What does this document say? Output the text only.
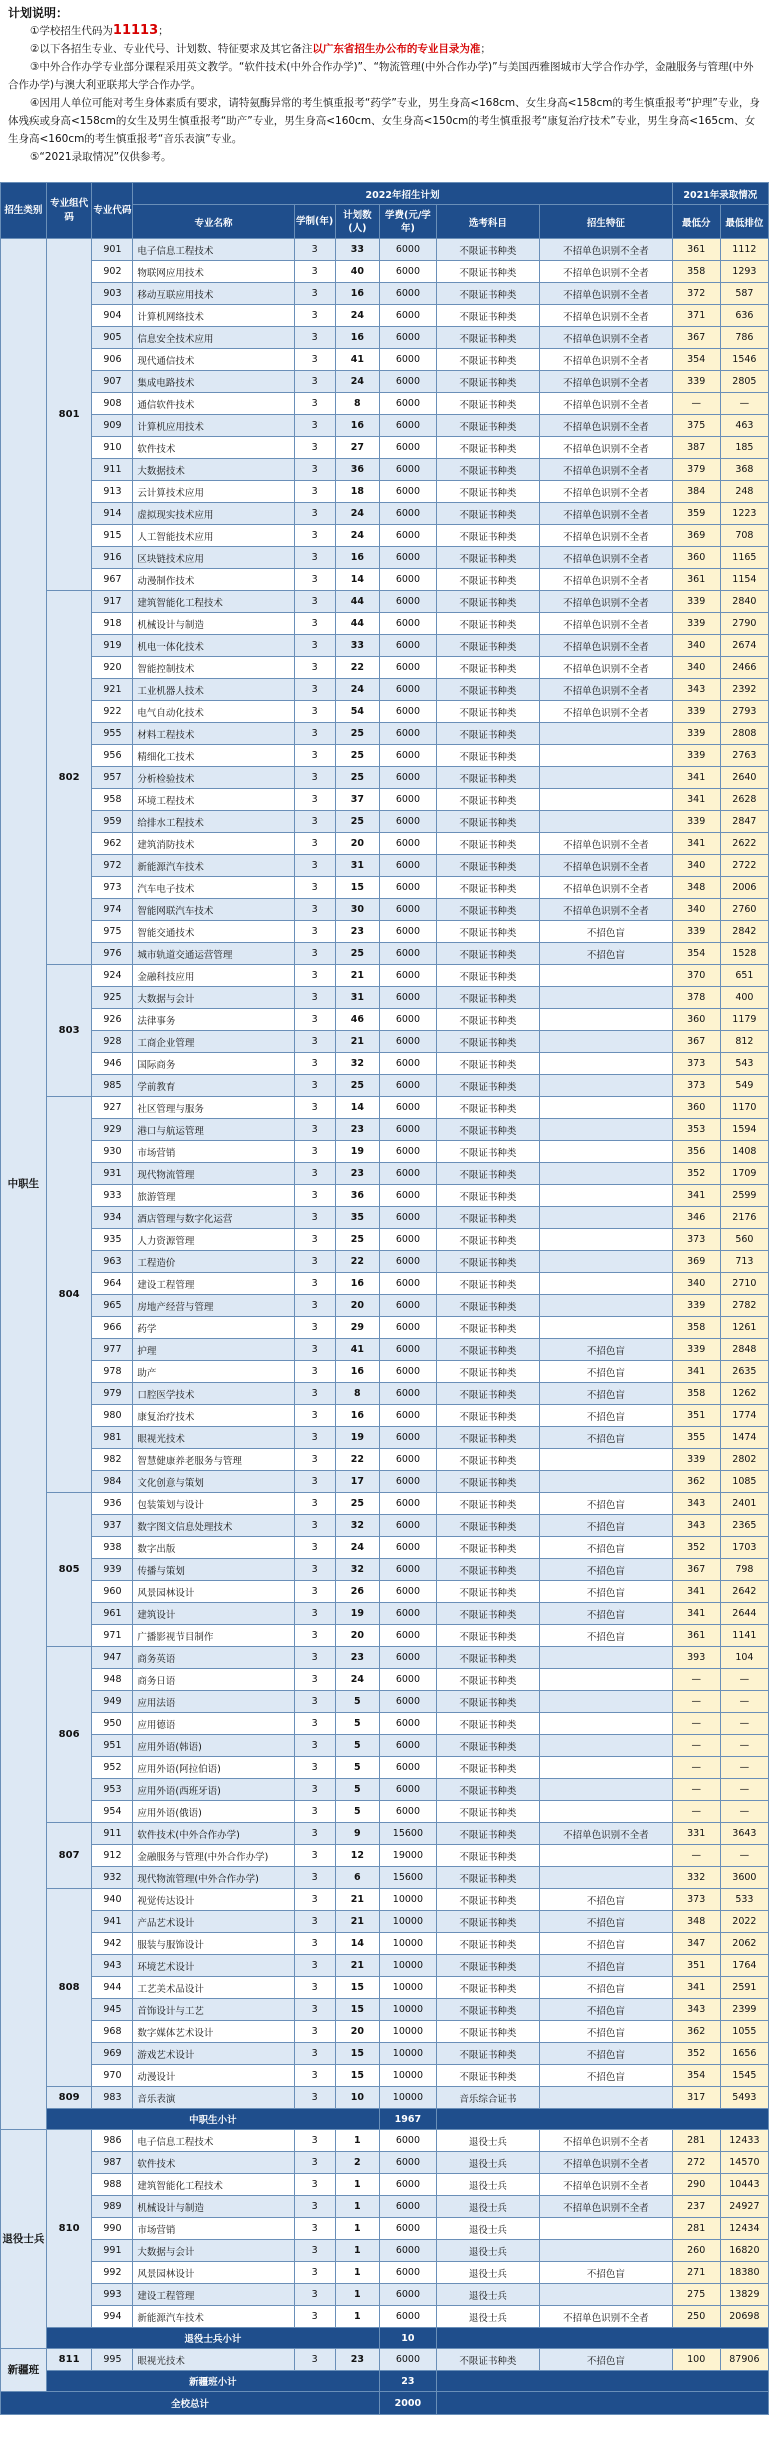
计划说明：

①学校招生代码为11113；

②以下各招生专业、专业代号、计划数、特征要求及其它备注以广东省招生办公布的专业目录为准；

③中外合作办学专业部分课程采用英文教学。“软件技术(中外合作办学)”、“物流管理(中外合作办学)”与美国西雅图城市大学合作办学，金融服务与管理(中外合作办学)与澳大利亚联邦大学合作办学。

④因用人单位可能对考生身体素质有要求，请特氨酶异常的考生慎重报考“药学”专业，男生身高<168cm、女生身高<158cm的考生慎重报考“护理”专业，身体残疾或身高<158cm的女生及男生慎重报考“助产”专业，男生身高<160cm、女生身高<150cm的考生慎重报考“康复治疗技术”专业，男生身高<165cm、女生身高<160cm的考生慎重报考“音乐表演”专业。

⑤“2021录取情况”仅供参考。

招生类别	专业组代码	专业代码	2022年招生计划						2021年录取情况	
			专业名称	学制(年)	计划数(人)	学费(元/学年)	选考科目	招生特征	最低分	最低排位
中职生	801	901	电子信息工程技术	3	33	6000	不限证书种类	不招单色识别不全者	361	1112
		902	物联网应用技术	3	40	6000	不限证书种类	不招单色识别不全者	358	1293
		903	移动互联应用技术	3	16	6000	不限证书种类	不招单色识别不全者	372	587
		904	计算机网络技术	3	24	6000	不限证书种类	不招单色识别不全者	371	636
		905	信息安全技术应用	3	16	6000	不限证书种类	不招单色识别不全者	367	786
		906	现代通信技术	3	41	6000	不限证书种类	不招单色识别不全者	354	1546
		907	集成电路技术	3	24	6000	不限证书种类	不招单色识别不全者	339	2805
		908	通信软件技术	3	8	6000	不限证书种类	不招单色识别不全者	—	—
		909	计算机应用技术	3	16	6000	不限证书种类	不招单色识别不全者	375	463
		910	软件技术	3	27	6000	不限证书种类	不招单色识别不全者	387	185
		911	大数据技术	3	36	6000	不限证书种类	不招单色识别不全者	379	368
		913	云计算技术应用	3	18	6000	不限证书种类	不招单色识别不全者	384	248
		914	虚拟现实技术应用	3	24	6000	不限证书种类	不招单色识别不全者	359	1223
		915	人工智能技术应用	3	24	6000	不限证书种类	不招单色识别不全者	369	708
		916	区块链技术应用	3	16	6000	不限证书种类	不招单色识别不全者	360	1165
		967	动漫制作技术	3	14	6000	不限证书种类	不招单色识别不全者	361	1154
	802	917	建筑智能化工程技术	3	44	6000	不限证书种类	不招单色识别不全者	339	2840
		918	机械设计与制造	3	44	6000	不限证书种类	不招单色识别不全者	339	2790
		919	机电一体化技术	3	33	6000	不限证书种类	不招单色识别不全者	340	2674
		920	智能控制技术	3	22	6000	不限证书种类	不招单色识别不全者	340	2466
		921	工业机器人技术	3	24	6000	不限证书种类	不招单色识别不全者	343	2392
		922	电气自动化技术	3	54	6000	不限证书种类	不招单色识别不全者	339	2793
		955	材料工程技术	3	25	6000	不限证书种类		339	2808
		956	精细化工技术	3	25	6000	不限证书种类		339	2763
		957	分析检验技术	3	25	6000	不限证书种类		341	2640
		958	环境工程技术	3	37	6000	不限证书种类		341	2628
		959	给排水工程技术	3	25	6000	不限证书种类		339	2847
		962	建筑消防技术	3	20	6000	不限证书种类	不招单色识别不全者	341	2622
		972	新能源汽车技术	3	31	6000	不限证书种类	不招单色识别不全者	340	2722
		973	汽车电子技术	3	15	6000	不限证书种类	不招单色识别不全者	348	2006
		974	智能网联汽车技术	3	30	6000	不限证书种类	不招单色识别不全者	340	2760
		975	智能交通技术	3	23	6000	不限证书种类	不招色盲	339	2842
		976	城市轨道交通运营管理	3	25	6000	不限证书种类	不招色盲	354	1528
	803	924	金融科技应用	3	21	6000	不限证书种类		370	651
		925	大数据与会计	3	31	6000	不限证书种类		378	400
		926	法律事务	3	46	6000	不限证书种类		360	1179
		928	工商企业管理	3	21	6000	不限证书种类		367	812
		946	国际商务	3	32	6000	不限证书种类		373	543
		985	学前教育	3	25	6000	不限证书种类		373	549
	804	927	社区管理与服务	3	14	6000	不限证书种类		360	1170
		929	港口与航运管理	3	23	6000	不限证书种类		353	1594
		930	市场营销	3	19	6000	不限证书种类		356	1408
		931	现代物流管理	3	23	6000	不限证书种类		352	1709
		933	旅游管理	3	36	6000	不限证书种类		341	2599
		934	酒店管理与数字化运营	3	35	6000	不限证书种类		346	2176
		935	人力资源管理	3	25	6000	不限证书种类		373	560
		963	工程造价	3	22	6000	不限证书种类		369	713
		964	建设工程管理	3	16	6000	不限证书种类		340	2710
		965	房地产经营与管理	3	20	6000	不限证书种类		339	2782
		966	药学	3	29	6000	不限证书种类		358	1261
		977	护理	3	41	6000	不限证书种类	不招色盲	339	2848
		978	助产	3	16	6000	不限证书种类	不招色盲	341	2635
		979	口腔医学技术	3	8	6000	不限证书种类	不招色盲	358	1262
		980	康复治疗技术	3	16	6000	不限证书种类	不招色盲	351	1774
		981	眼视光技术	3	19	6000	不限证书种类	不招色盲	355	1474
		982	智慧健康养老服务与管理	3	22	6000	不限证书种类		339	2802
		984	文化创意与策划	3	17	6000	不限证书种类		362	1085
	805	936	包装策划与设计	3	25	6000	不限证书种类	不招色盲	343	2401
		937	数字图文信息处理技术	3	32	6000	不限证书种类	不招色盲	343	2365
		938	数字出版	3	24	6000	不限证书种类	不招色盲	352	1703
		939	传播与策划	3	32	6000	不限证书种类	不招色盲	367	798
		960	风景园林设计	3	26	6000	不限证书种类	不招色盲	341	2642
		961	建筑设计	3	19	6000	不限证书种类	不招色盲	341	2644
		971	广播影视节目制作	3	20	6000	不限证书种类	不招色盲	361	1141
	806	947	商务英语	3	23	6000	不限证书种类		393	104
		948	商务日语	3	24	6000	不限证书种类		—	—
		949	应用法语	3	5	6000	不限证书种类		—	—
		950	应用德语	3	5	6000	不限证书种类		—	—
		951	应用外语(韩语)	3	5	6000	不限证书种类		—	—
		952	应用外语(阿拉伯语)	3	5	6000	不限证书种类		—	—
		953	应用外语(西班牙语)	3	5	6000	不限证书种类		—	—
		954	应用外语(俄语)	3	5	6000	不限证书种类		—	—
	807	911	软件技术(中外合作办学)	3	9	15600	不限证书种类	不招单色识别不全者	331	3643
		912	金融服务与管理(中外合作办学)	3	12	19000	不限证书种类		—	—
		932	现代物流管理(中外合作办学)	3	6	15600	不限证书种类		332	3600
	808	940	视觉传达设计	3	21	10000	不限证书种类	不招色盲	373	533
		941	产品艺术设计	3	21	10000	不限证书种类	不招色盲	348	2022
		942	服装与服饰设计	3	14	10000	不限证书种类	不招色盲	347	2062
		943	环境艺术设计	3	21	10000	不限证书种类	不招色盲	351	1764
		944	工艺美术品设计	3	15	10000	不限证书种类	不招色盲	341	2591
		945	首饰设计与工艺	3	15	10000	不限证书种类	不招色盲	343	2399
		968	数字媒体艺术设计	3	20	10000	不限证书种类	不招色盲	362	1055
		969	游戏艺术设计	3	15	10000	不限证书种类	不招色盲	352	1656
		970	动漫设计	3	15	10000	不限证书种类	不招色盲	354	1545
	809	983	音乐表演	3	10	10000	音乐综合证书		317	5493
	中职生小计					1967				
退役士兵	810	986	电子信息工程技术	3	1	6000	退役士兵	不招单色识别不全者	281	12433
		987	软件技术	3	2	6000	退役士兵	不招单色识别不全者	272	14570
		988	建筑智能化工程技术	3	1	6000	退役士兵	不招单色识别不全者	290	10443
		989	机械设计与制造	3	1	6000	退役士兵	不招单色识别不全者	237	24927
		990	市场营销	3	1	6000	退役士兵		281	12434
		991	大数据与会计	3	1	6000	退役士兵		260	16820
		992	风景园林设计	3	1	6000	退役士兵	不招色盲	271	18380
		993	建设工程管理	3	1	6000	退役士兵		275	13829
		994	新能源汽车技术	3	1	6000	退役士兵	不招单色识别不全者	250	20698
	退役士兵小计					10				
新疆班	811	995	眼视光技术	3	23	6000	不限证书种类	不招色盲	100	87906
	新疆班小计					23				
全校总计						2000				
